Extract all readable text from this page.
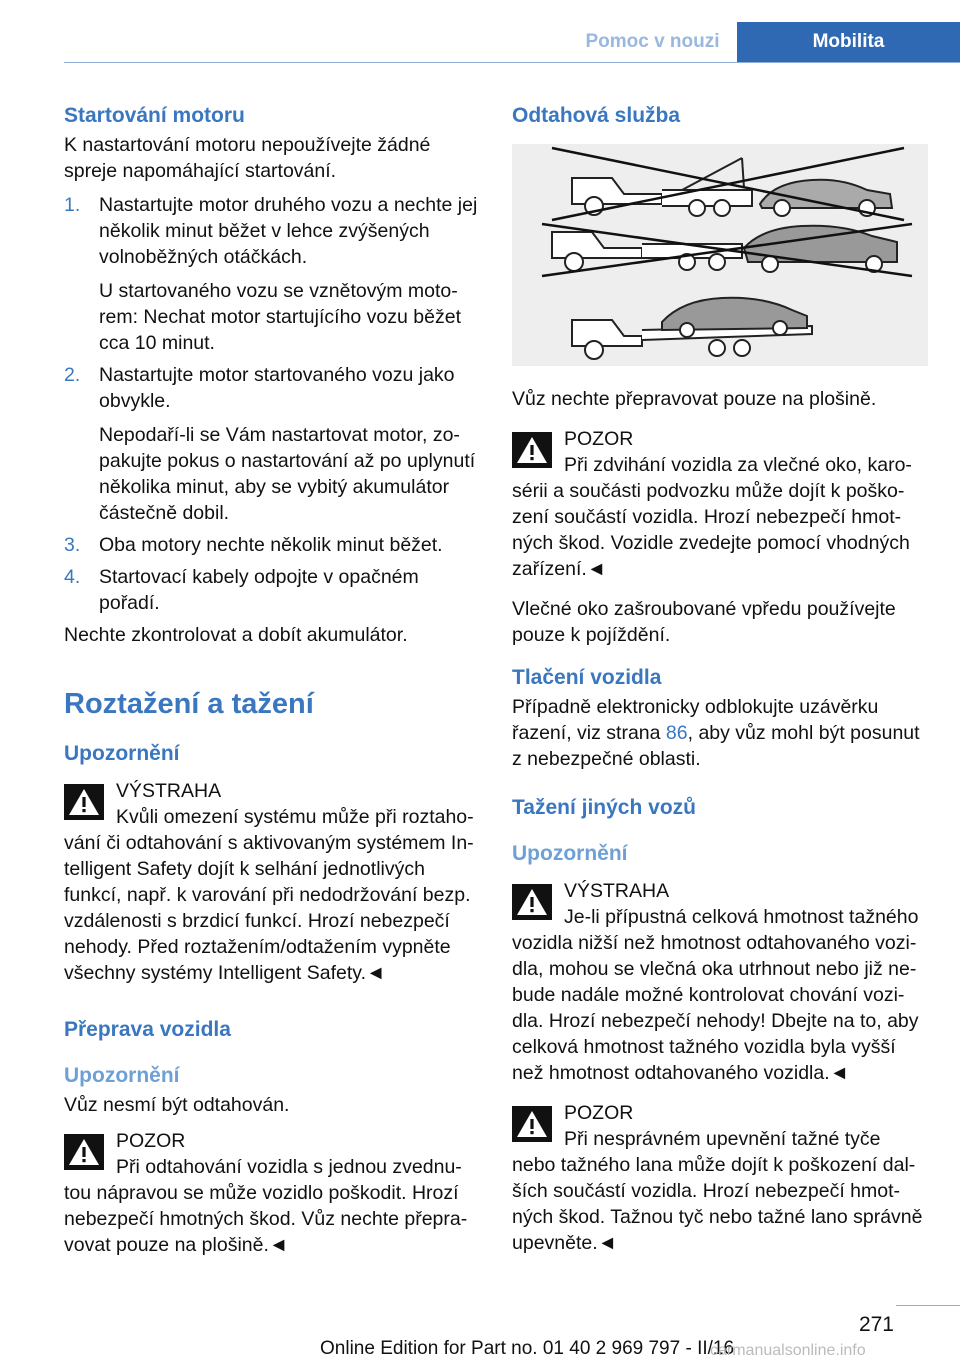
Pomoc v nouzi	Mobilita
Startování motoru

K nastartování motoru nepoužívejte žádné spreje napomáhající startování.

1. Nastartujte motor druhého vozu a nechte jej několik minut běžet v lehce zvýšených volnoběžných otáčkách.

U startovaného vozu se vznětovým moto‐rem: Nechat motor startujícího vozu běžet cca 10 minut.

2. Nastartujte motor startovaného vozu jako obvykle.

Nepodaří-li se Vám nastartovat motor, zo‐pakujte pokus o nastartování až po uplynutí několika minut, aby se vybitý akumulátor částečně dobil.

3. Oba motory nechte několik minut běžet.

4. Startovací kabely odpojte v opačném pořadí.

Nechte zkontrolovat a dobít akumulátor.

Roztažení a tažení
Upozornění
VÝSTRAHA
Kvůli omezení systému může při roztaho‐vání či odtahování s aktivovaným systémem In‐telligent Safety dojít k selhání jednotlivých funkcí, např. k varování při nedodržování bezp. vzdálenosti s brzdicí funkcí. Hrozí nebezpečí nehody. Před roztažením/odtažením vypněte všechny systémy Intelligent Safety.◄
Přeprava vozidla
Upozornění

Vůz nesmí být odtahován.

POZOR
Při odtahování vozidla s jednou zvednu‐tou nápravou se může vozidlo poškodit. Hrozí nebezpečí hmotných škod. Vůz nechte přepra‐vovat pouze na plošině.◄
Odtahová služba

Vůz nechte přepravovat pouze na plošině.

POZOR
Při zdvihání vozidla za vlečné oko, karo‐sérii a součásti podvozku může dojít k poško‐zení součástí vozidla. Hrozí nebezpečí hmot‐ných škod. Vozidle zvedejte pomocí vhodných zařízení.◄

Vlečné oko zašroubované vpředu používejte pouze k pojíždění.

Tlačení vozidla

Případně elektronicky odblokujte uzávěrku řazení, viz strana 86, aby vůz mohl být posunut z nebezpečné oblasti.

Tažení jiných vozů
Upozornění
VÝSTRAHA
Je-li přípustná celková hmotnost tažného vozidla nižší než hmotnost odtahovaného vozi‐dla, mohou se vlečná oka utrhnout nebo již ne‐bude nadále možné kontrolovat chování vozi‐dla. Hrozí nebezpečí nehody! Dbejte na to, aby celková hmotnost tažného vozidla byla vyšší než hmotnost odtahovaného vozidla.◄
POZOR
Při nesprávném upevnění tažné tyče nebo tažného lana může dojít k poškození dal‐ších součástí vozidla. Hrozí nebezpečí hmot‐ných škod. Tažnou tyč nebo tažné lano správně upevněte.◄
271
Online Edition for Part no. 01 40 2 969 797 - II/16
carmanualsonline.info
